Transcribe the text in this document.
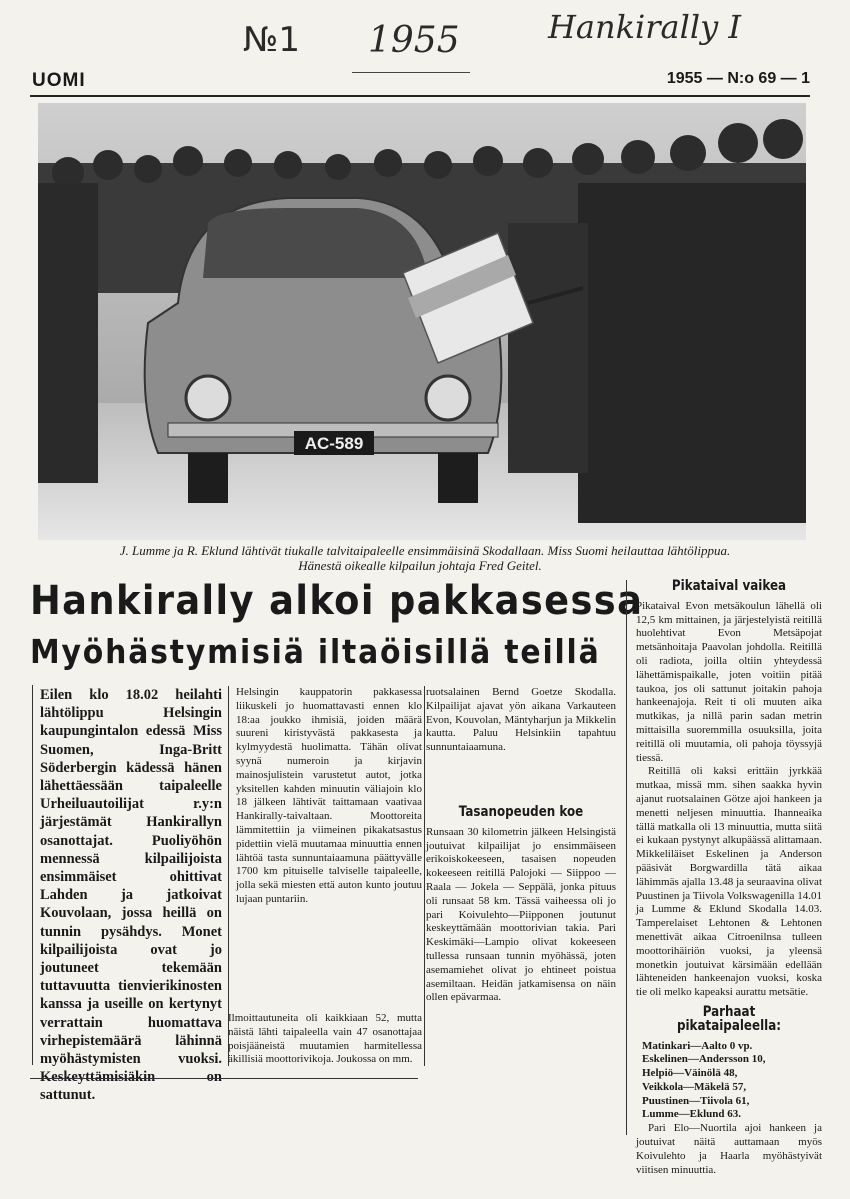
№1 1955	Hankirally I
UOMI	1955 — N:o 69 — 1
AC-589
J. Lumme ja R. Eklund lähtivät tiukalle talvitaipaleelle ensimmäisinä Skodallaan. Miss Suomi heilauttaa lähtölippua.
Hänestä oikealle kilpailun johtaja Fred Geitel.
Hankirally alkoi pakkasessa
Myöhästymisiä iltaöisillä teillä
Eilen klo 18.02 heilahti lähtölippu Helsingin kaupungintalon edessä Miss Suomen, Inga-Britt Söderbergin kädessä hänen lähettäessään taipaleelle Urheiluautoilijat r.y:n järjestämät Hankirallyn osanottajat. Puoliyöhön mennessä kilpailijoista ensimmäiset ohittivat Lahden ja jatkoivat Kouvolaan, jossa heillä on tunnin pysähdys. Monet kilpailijoista ovat jo joutuneet tekemään tuttavuutta tienvierikinosten kanssa ja useille on kertynyt verrattain huomattava virhepistemäärä lähinnä myöhästymisten vuoksi. Keskeyttämisiäkin on sattunut.
Helsingin kauppatorin pakkasessa liikuskeli jo huomattavasti ennen klo 18:aa joukko ihmisiä, joiden määrä suureni kiristyvästä pakkasesta ja kylmyydestä huolimatta. Tähän olivat syynä numeroin ja kirjavin mainosjulistein varustetut autot, jotka yksitellen kahden minuutin väliajoin klo 18 jälkeen lähtivät taittamaan vaativaa Hankirally-taivaltaan. Moottoreita lämmitettiin ja viimeinen pikakatsastus pidettiin vielä muutamaa minuuttia ennen lähtöä tasta sunnuntaiaamuna päättyvälle 1700 km pituiselle talviselle taipaleelle, jolla sekä miesten että auton kunto joutuu lujaan puntariin.
Ilmoittautuneita oli kaikkiaan 52, mutta näistä lähti taipaleella vain 47 osanottajaa poisjääneistä muutamien harmitellessa äkillisiä moottorivikoja. Joukossa on mm.
ruotsalainen Bernd Goetze Skodalla. Kilpailijat ajavat yön aikana Varkauteen Evon, Kouvolan, Mäntyharjun ja Mikkelin kautta. Paluu Helsinkiin tapahtuu sunnuntaiaamuna.
Tasanopeuden koe

Runsaan 30 kilometrin jälkeen Helsingistä joutuivat kilpailijat jo ensimmäiseen erikoiskokeeseen, tasaisen nopeuden kokeeseen reitillä Palojoki — Siippoo — Raala — Jokela — Seppälä, jonka pituus oli runsaat 58 km. Tässä vaiheessa oli jo pari Koivulehto—Piipponen joutunut keskeyttämään moottorivian takia. Pari Keskimäki—Lampio olivat kokeeseen tullessa runsaan tunnin myöhässä, joten asemamiehet olivat jo ehtineet poistua asemiltaan. Heidän jatkamisensa on näin ollen epävarmaa.

Pikataival vaikea

Pikataival Evon metsäkoulun lähellä oli 12,5 km mittainen, ja järjestelyistä reitillä huolehtivat Evon Metsäpojat metsänhoitaja Paavolan johdolla. Reitillä oli radiota, joilla oltiin yhteydessä lähettämispaikalle, joten voitiin pitää taukoa, jos oli sattunut joitakin pahoja hankeenajoja. Reit ti oli muuten aika mutkikas, ja nillä parin sadan metrin mittaisilla suoremmilla osuuksilla, joita reitillä oli muutamia, oli pahoja töyssyjä tiessä.

Reitillä oli kaksi erittäin jyrkkää mutkaa, missä mm. sihen saakka hyvin ajanut ruotsalainen Götze ajoi hankeen ja menetti neljesen minuuttia. Ihanneaika tällä matkalla oli 13 minuuttia, mutta siitä ei kukaan pystynyt alkupäässä alittamaan. Mikkeliläiset Eskelinen ja Anderson pääsivät Borgwardilla tätä aikaa lähimmäs ajalla 13.48 ja seuraavina olivat Puustinen ja Tiivola Volkswagenilla 14.01 ja Lumme & Eklund Skodalla 14.03. Tamperelaiset Lehtonen & Lehtonen menettivät aikaa Citroenilnsa tulleen moottorihäiriön vuoksi, ja yleensä monetkin joutuivat kärsimään edellään lähteneiden hankeenajon vuoksi, koska tie oli melko kapeaksi aurattu metsätie.

Parhaat pikataipaleella:

Matinkari—Aalto 0 vp.

Eskelinen—Andersson 10,

Helpiö—Väinölä 48,

Veikkola—Mäkelä 57,

Puustinen—Tiivola 61,

Lumme—Eklund 63.

Pari Elo—Nuortila ajoi hankeen ja joutuivat näitä auttamaan myös Koivulehto ja Haarla myöhästyivät viitisen minuuttia.
